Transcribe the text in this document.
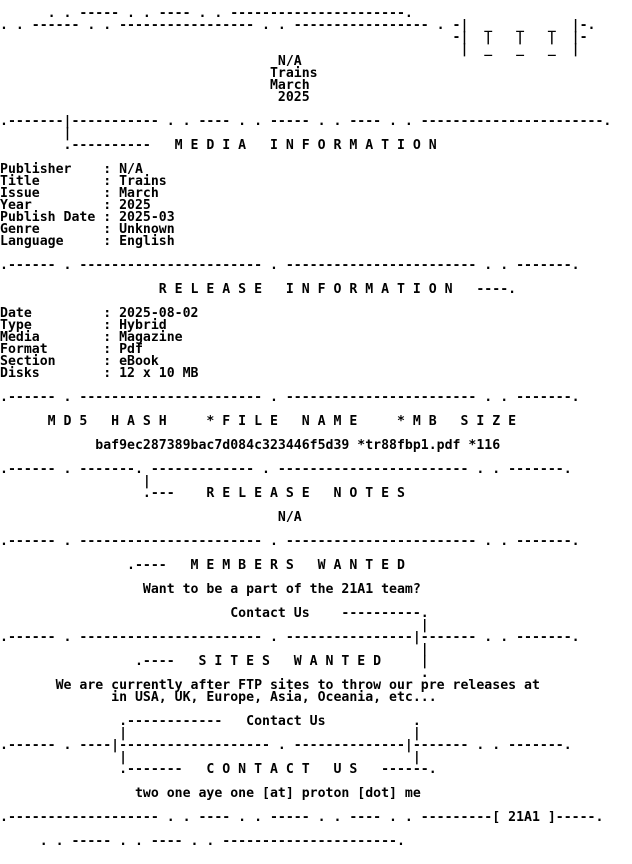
. . ----- . . ---- . . ----------------------.
. . ------ . . ----------------- . . ----------------- . -|  _   _   _  |-.
-|  |   |   |  |-
|  _   _   _  |
N/A
Trains
March
2025

.-------|----------- . . ---- . . ----- . . ---- . . -----------------------.
|
.----------   M E D I A   I N F O R M A T I O N

Publisher    : N/A
Title        : Trains
Issue        : March
Year         : 2025
Publish Date : 2025-03
Genre        : Unknown
Language     : English

.------ . ----------------------- . ------------------------ . . -------.

R E L E A S E   I N F O R M A T I O N   ----.

Date         : 2025-08-02
Type         : Hybrid
Media        : Magazine
Format       : Pdf
Section      : eBook
Disks        : 12 x 10 MB

.------ . ----------------------- . ------------------------ . . -------.

M D 5   H A S H     * F I L E   N A M E     * M B   S I Z E

baf9ec287389bac7d084c323446f5d39 *tr88fbp1.pdf *116

.------ . -------. ------------- . ------------------------ . . -------.
|
.---    R E L E A S E   N O T E S

N/A

.------ . ----------------------- . ------------------------ . . -------.

.----   M E M B E R S   W A N T E D

Want to be a part of the 21A1 team?

Contact Us    ----------.
|
.------ . ----------------------- . ----------------|------- . . -------.
|
.----   S I T E S   W A N T E D     |
.
We are currently after FTP sites to throw our pre releases at
in USA, UK, Europe, Asia, Oceania, etc...

.------------   Contact Us           .
|                                    |
.------ . ----|------------------- . --------------|------- . . -------.
|                                    |
.-------   C O N T A C T   U S   ------.

two one aye one [at] proton [dot] me

.------------------- . . ---- . . ----- . . ---- . . ---------[ 21A1 ]-----.

. . ----- . . ---- . . ----------------------.
